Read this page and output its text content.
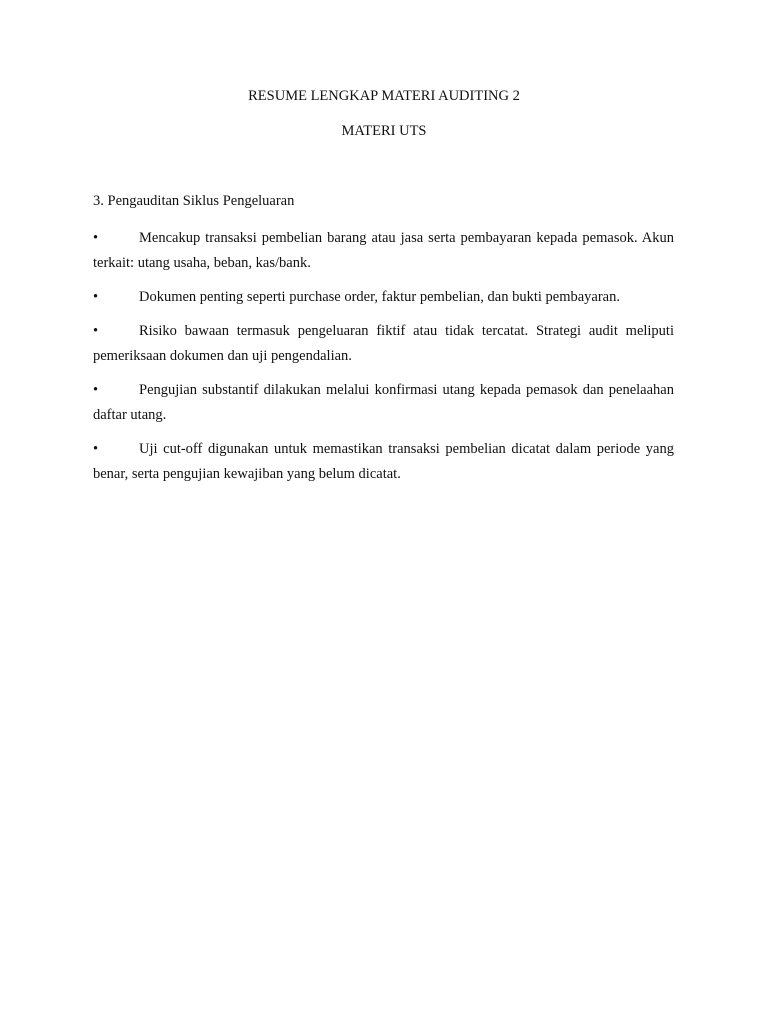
RESUME LENGKAP MATERI AUDITING 2
MATERI UTS

3. Pengauditan Siklus Pengeluaran

•	Mencakup transaksi pembelian barang atau jasa serta pembayaran kepada pemasok. Akun terkait: utang usaha, beban, kas/bank.
•	Dokumen penting seperti purchase order, faktur pembelian, dan bukti pembayaran.
•	Risiko bawaan termasuk pengeluaran fiktif atau tidak tercatat. Strategi audit meliputi pemeriksaan dokumen dan uji pengendalian.
•	Pengujian substantif dilakukan melalui konfirmasi utang kepada pemasok dan penelaahan daftar utang.
•	Uji cut-off digunakan untuk memastikan transaksi pembelian dicatat dalam periode yang benar, serta pengujian kewajiban yang belum dicatat.
